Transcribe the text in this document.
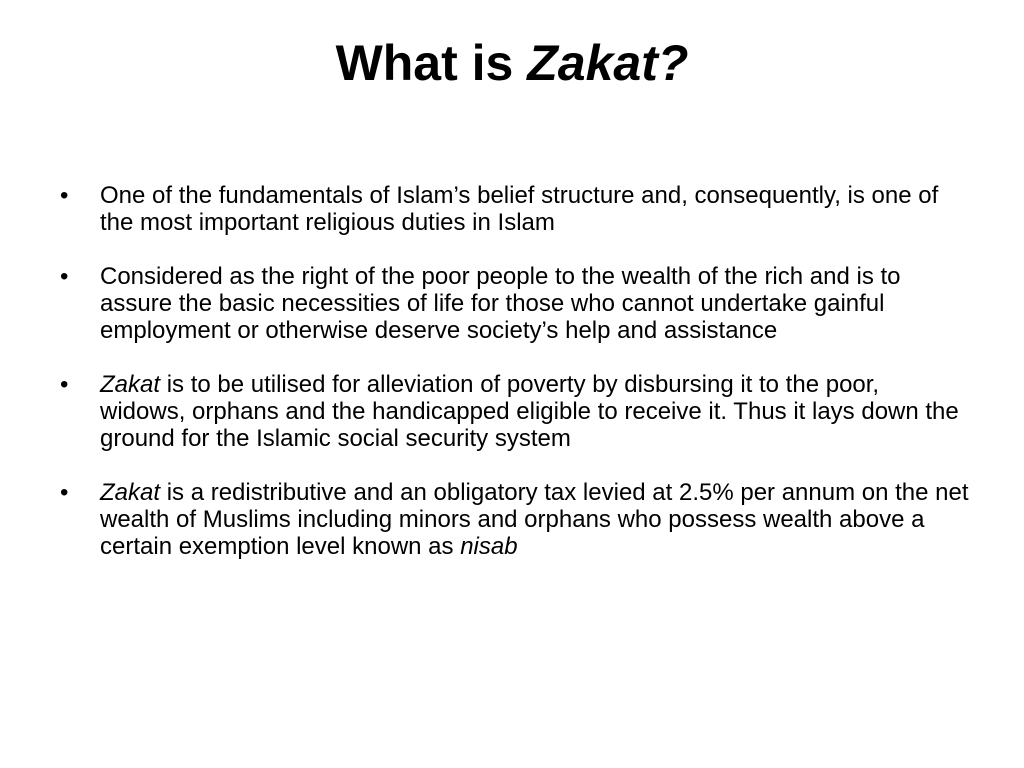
What is Zakat?
•	One of the fundamentals of Islam’s belief structure and, consequently, is one of the most important religious duties in Islam
•	Considered as the right of the poor people to the wealth of the rich and is to assure the basic necessities of life for those who cannot undertake gainful employment or otherwise deserve society’s help and assistance
•	Zakat is to be utilised for alleviation of poverty by disbursing it to the poor, widows, orphans and the handicapped eligible to receive it. Thus it lays down the ground for the Islamic social security system
•	Zakat is a redistributive and an obligatory tax levied at 2.5% per annum on the net wealth of Muslims including minors and orphans who possess wealth above a certain exemption level known as nisab
